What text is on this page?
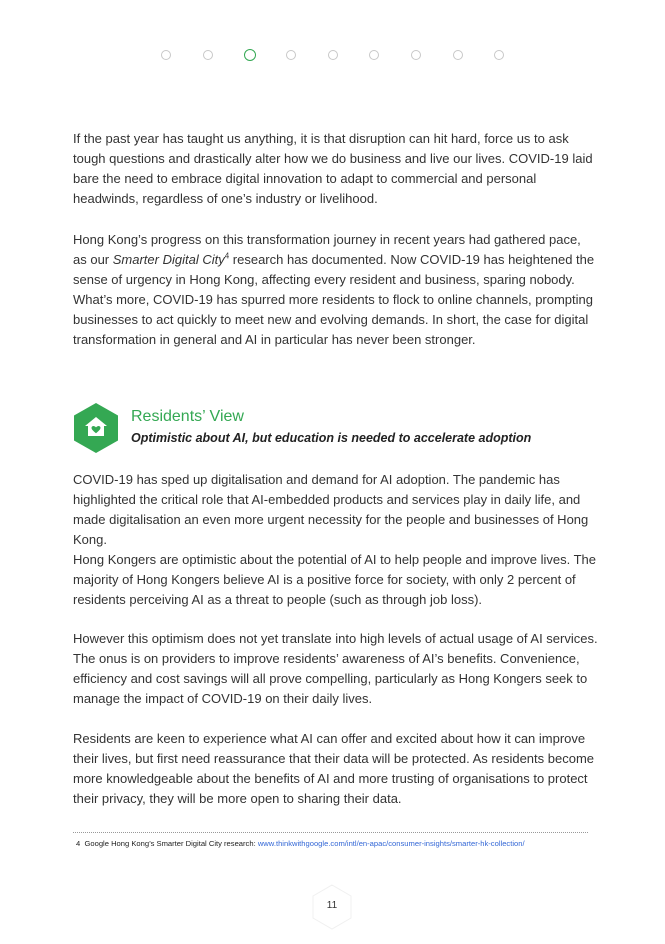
If the past year has taught us anything, it is that disruption can hit hard, force us to ask tough questions and drastically alter how we do business and live our lives. COVID-19 laid bare the need to embrace digital innovation to adapt to commercial and personal headwinds, regardless of one’s industry or livelihood.

Hong Kong’s progress on this transformation journey in recent years had gathered pace, as our Smarter Digital City$^4$ research has documented. Now COVID-19 has heightened the sense of urgency in Hong Kong, affecting every resident and business, sparing nobody. What’s more, COVID-19 has spurred more residents to flock to online channels, prompting businesses to act quickly to meet new and evolving demands. In short, the case for digital transformation in general and AI in particular has never been stronger.

Residents’ View

Optimistic about AI, but education is needed to accelerate adoption

COVID-19 has sped up digitalisation and demand for AI adoption. The pandemic has highlighted the critical role that AI-embedded products and services play in daily life, and made digitalisation an even more urgent necessity for the people and businesses of Hong Kong.

Hong Kongers are optimistic about the potential of AI to help people and improve lives. The majority of Hong Kongers believe AI is a positive force for society, with only 2 percent of residents perceiving AI as a threat to people (such as through job loss).

However this optimism does not yet translate into high levels of actual usage of AI services. The onus is on providers to improve residents’ awareness of AI’s benefits. Convenience, efficiency and cost savings will all prove compelling, particularly as Hong Kongers seek to manage the impact of COVID-19 on their daily lives.

Residents are keen to experience what AI can offer and excited about how it can improve their lives, but first need reassurance that their data will be protected. As residents become more knowledgeable about the benefits of AI and more trusting of organisations to protect their privacy, they will be more open to sharing their data.

4 Google Hong Kong’s Smarter Digital City research: www.thinkwithgoogle.com/intl/en-apac/consumer-insights/smarter-hk-collection/

11
